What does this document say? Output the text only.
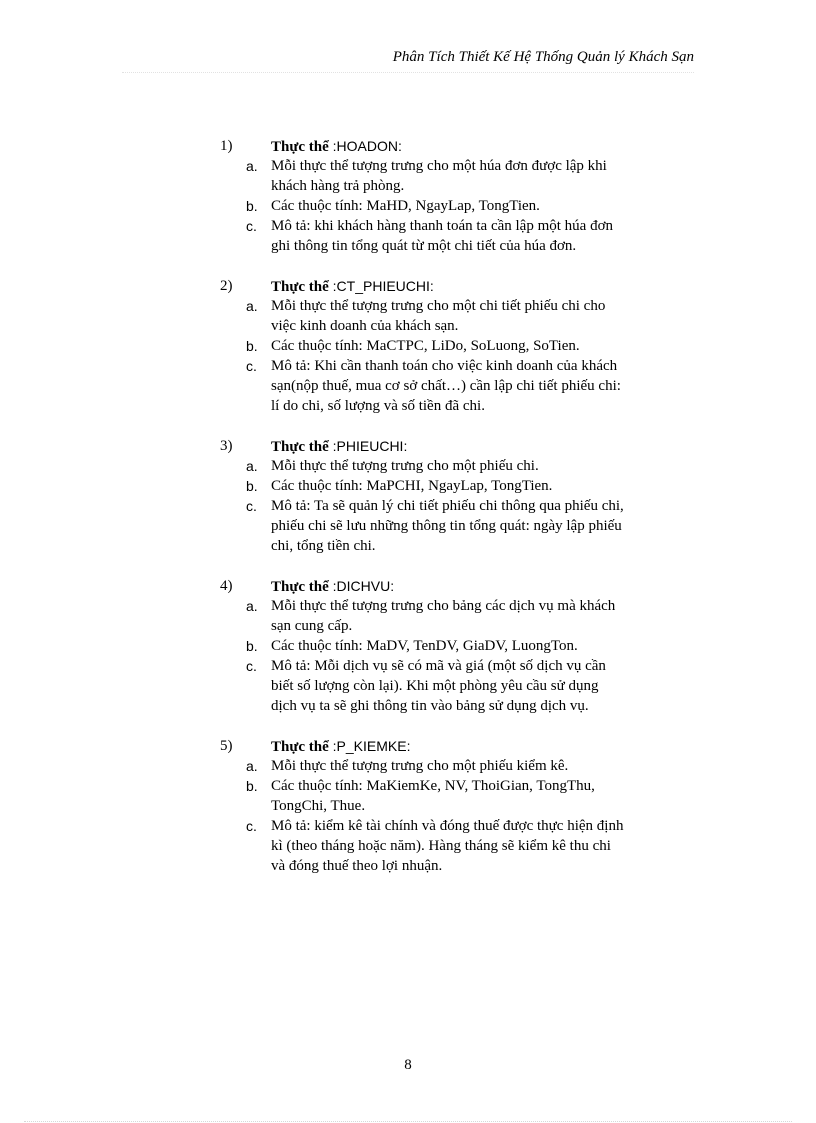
Phân Tích Thiết Kế Hệ Thống Quản lý Khách Sạn
1)	Thực thể :HOADON:
a. Mỗi thực thể tượng trưng cho một húa đơn được lập khi
khách hàng trả phòng.
b. Các thuộc tính: MaHD, NgayLap, TongTien.
c. Mô tả: khi khách hàng thanh toán ta cần lập một húa đơn
ghi thông tin tổng quát từ một chi tiết của húa đơn.
2)	Thực thể :CT_PHIEUCHI:
a. Mỗi thực thể tượng trưng cho một chi tiết phiếu chi cho
việc kinh doanh của khách sạn.
b. Các thuộc tính: MaCTPC, LiDo, SoLuong, SoTien.
c. Mô tả: Khi cần thanh toán cho việc kinh doanh của khách
sạn(nộp thuế, mua cơ sở chất…) cần lập chi tiết phiếu chi:
lí do chi, số lượng và số tiền đã chi.
3)	Thực thể :PHIEUCHI:
a. Mỗi thực thể tượng trưng cho một phiếu chi.
b. Các thuộc tính: MaPCHI, NgayLap, TongTien.
c. Mô tả: Ta sẽ quản lý chi tiết phiếu chi thông qua phiếu chi,
phiếu chi sẽ lưu những thông tin tổng quát: ngày lập phiếu
chi, tổng tiền chi.
4)	Thực thể :DICHVU:
a. Mỗi thực thể tượng trưng cho bảng các dịch vụ mà khách
sạn cung cấp.
b. Các thuộc tính: MaDV, TenDV, GiaDV, LuongTon.
c. Mô tả: Mỗi dịch vụ sẽ có mã và giá (một số dịch vụ cần
biết số lượng còn lại). Khi một phòng yêu cầu sử dụng
dịch vụ ta sẽ ghi thông tin vào bảng sử dụng dịch vụ.
5)	Thực thể :P_KIEMKE:
a. Mỗi thực thể tượng trưng cho một phiếu kiểm kê.
b. Các thuộc tính: MaKiemKe, NV, ThoiGian, TongThu,
TongChi, Thue.
c. Mô tả: kiểm kê tài chính và đóng thuế được thực hiện định
kì (theo tháng hoặc năm). Hàng tháng sẽ kiểm kê thu chi
và đóng thuế theo lợi nhuận.
8
